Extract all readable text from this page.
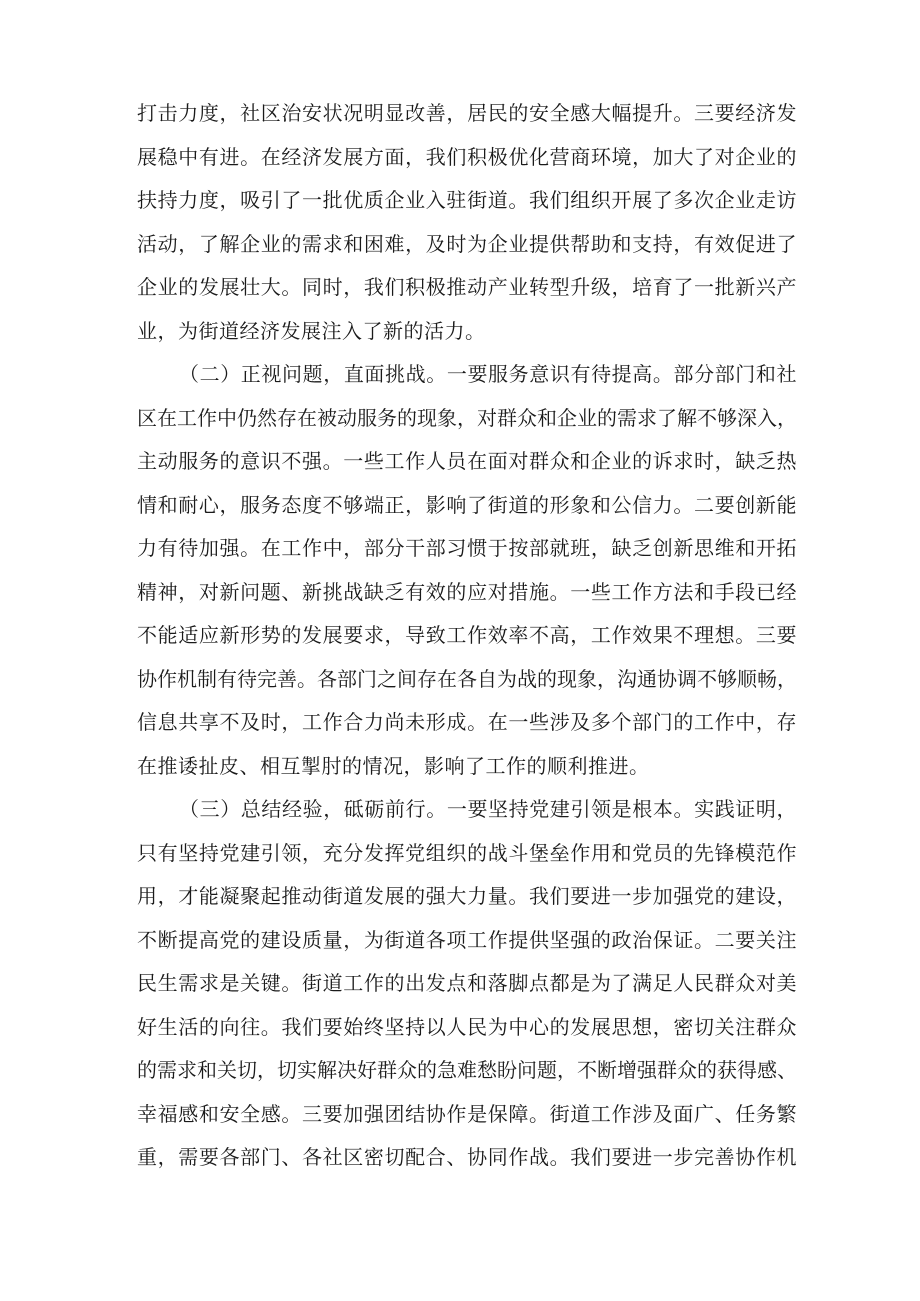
打击力度，社区治安状况明显改善，居民的安全感大幅提升。三要经济发
展稳中有进。在经济发展方面，我们积极优化营商环境，加大了对企业的
扶持力度，吸引了一批优质企业入驻街道。我们组织开展了多次企业走访
活动，了解企业的需求和困难，及时为企业提供帮助和支持，有效促进了
企业的发展壮大。同时，我们积极推动产业转型升级，培育了一批新兴产
业，为街道经济发展注入了新的活力。
（二）正视问题，直面挑战。一要服务意识有待提高。部分部门和社
区在工作中仍然存在被动服务的现象，对群众和企业的需求了解不够深入，
主动服务的意识不强。一些工作人员在面对群众和企业的诉求时，缺乏热
情和耐心，服务态度不够端正，影响了街道的形象和公信力。二要创新能
力有待加强。在工作中，部分干部习惯于按部就班，缺乏创新思维和开拓
精神，对新问题、新挑战缺乏有效的应对措施。一些工作方法和手段已经
不能适应新形势的发展要求，导致工作效率不高，工作效果不理想。三要
协作机制有待完善。各部门之间存在各自为战的现象，沟通协调不够顺畅，
信息共享不及时，工作合力尚未形成。在一些涉及多个部门的工作中，存
在推诿扯皮、相互掣肘的情况，影响了工作的顺利推进。
（三）总结经验，砥砺前行。一要坚持党建引领是根本。实践证明，
只有坚持党建引领，充分发挥党组织的战斗堡垒作用和党员的先锋模范作
用，才能凝聚起推动街道发展的强大力量。我们要进一步加强党的建设，
不断提高党的建设质量，为街道各项工作提供坚强的政治保证。二要关注
民生需求是关键。街道工作的出发点和落脚点都是为了满足人民群众对美
好生活的向往。我们要始终坚持以人民为中心的发展思想，密切关注群众
的需求和关切，切实解决好群众的急难愁盼问题，不断增强群众的获得感、
幸福感和安全感。三要加强团结协作是保障。街道工作涉及面广、任务繁
重，需要各部门、各社区密切配合、协同作战。我们要进一步完善协作机
